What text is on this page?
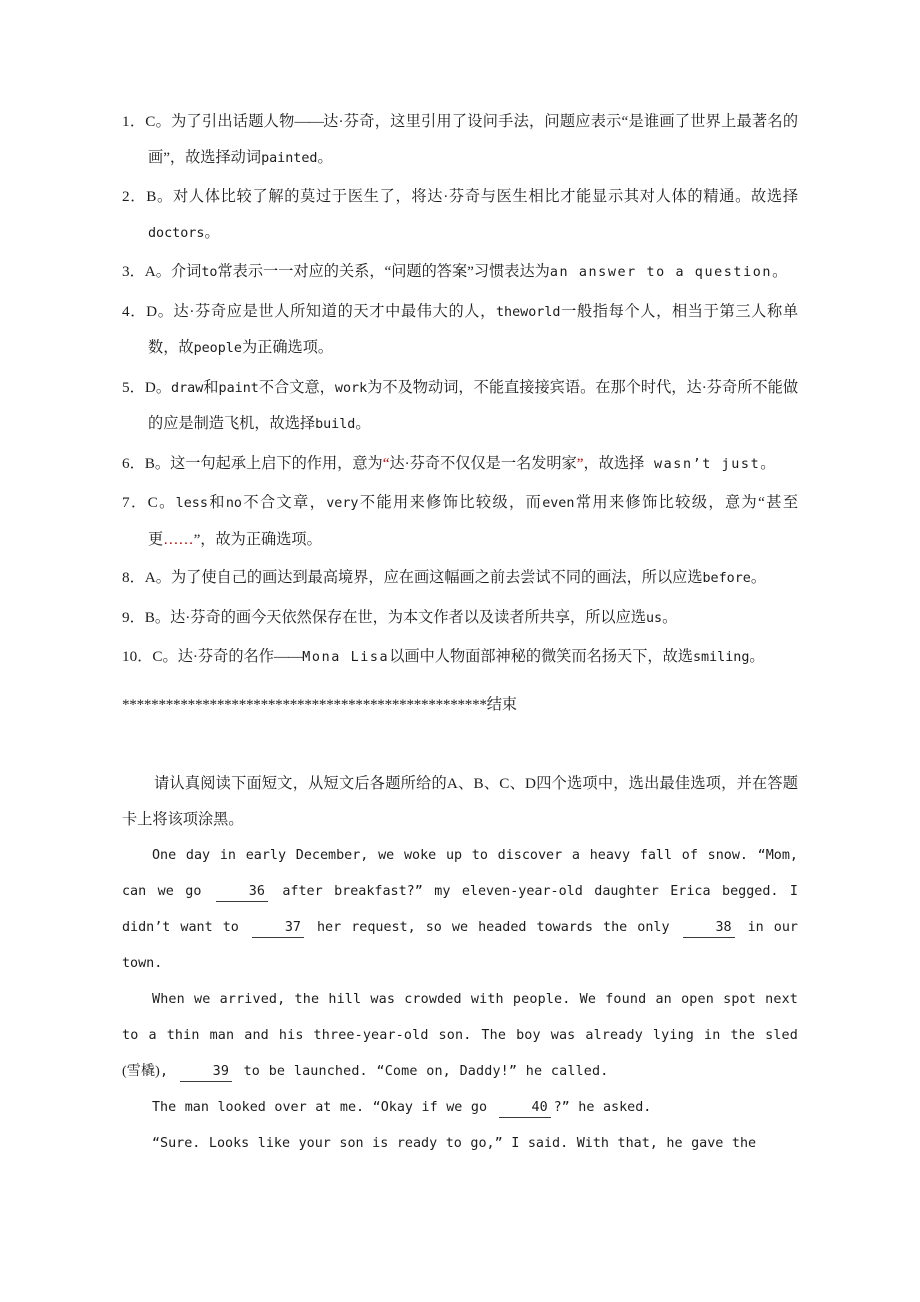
1．C。为了引出话题人物——达·芬奇，这里引用了设问手法，问题应表示“是谁画了世界上最著名的画”，故选择动词painted。
2．B。对人体比较了解的莫过于医生了，将达·芬奇与医生相比才能显示其对人体的精通。故选择doctors。
3．A。介词to常表示一一对应的关系，“问题的答案”习惯表达为an answer to a question。
4．D。达·芬奇应是世人所知道的天才中最伟大的人，theworld一般指每个人，相当于第三人称单数，故people为正确选项。
5．D。draw和paint不合文意，work为不及物动词，不能直接接宾语。在那个时代，达·芬奇所不能做的应是制造飞机，故选择build。
6．B。这一句起承上启下的作用，意为“达·芬奇不仅仅是一名发明家”，故选择 wasn’t just。
7．C。less和no不合文章，very不能用来修饰比较级，而even常用来修饰比较级，意为“甚至更……”，故为正确选项。
8．A。为了使自己的画达到最高境界，应在画这幅画之前去尝试不同的画法，所以应选before。
9．B。达·芬奇的画今天依然保存在世，为本文作者以及读者所共享，所以应选us。
10．C。达·芬奇的名作——Mona Lisa以画中人物面部神秘的微笑而名扬天下，故选smiling。
**************************************************结束

请认真阅读下面短文，从短文后各题所给的A、B、C、D四个选项中，选出最佳选项，并在答题卡上将该项涂黑。

One day in early December, we woke up to discover a heavy fall of snow. “Mom, can we go	36 after breakfast?” my eleven-year-old daughter Erica begged. I didn’t want to	37 her request, so we headed towards the only	38 in our town.

When we arrived, the hill was crowded with people. We found an open spot next to a thin man and his three-year-old son. The boy was already lying in the sled (雪橇),	39 to be launched. “Come on, Daddy!” he called.

The man looked over at me. “Okay if we go	40 ?” he asked.

“Sure. Looks like your son is ready to go,” I said. With that, he gave the
